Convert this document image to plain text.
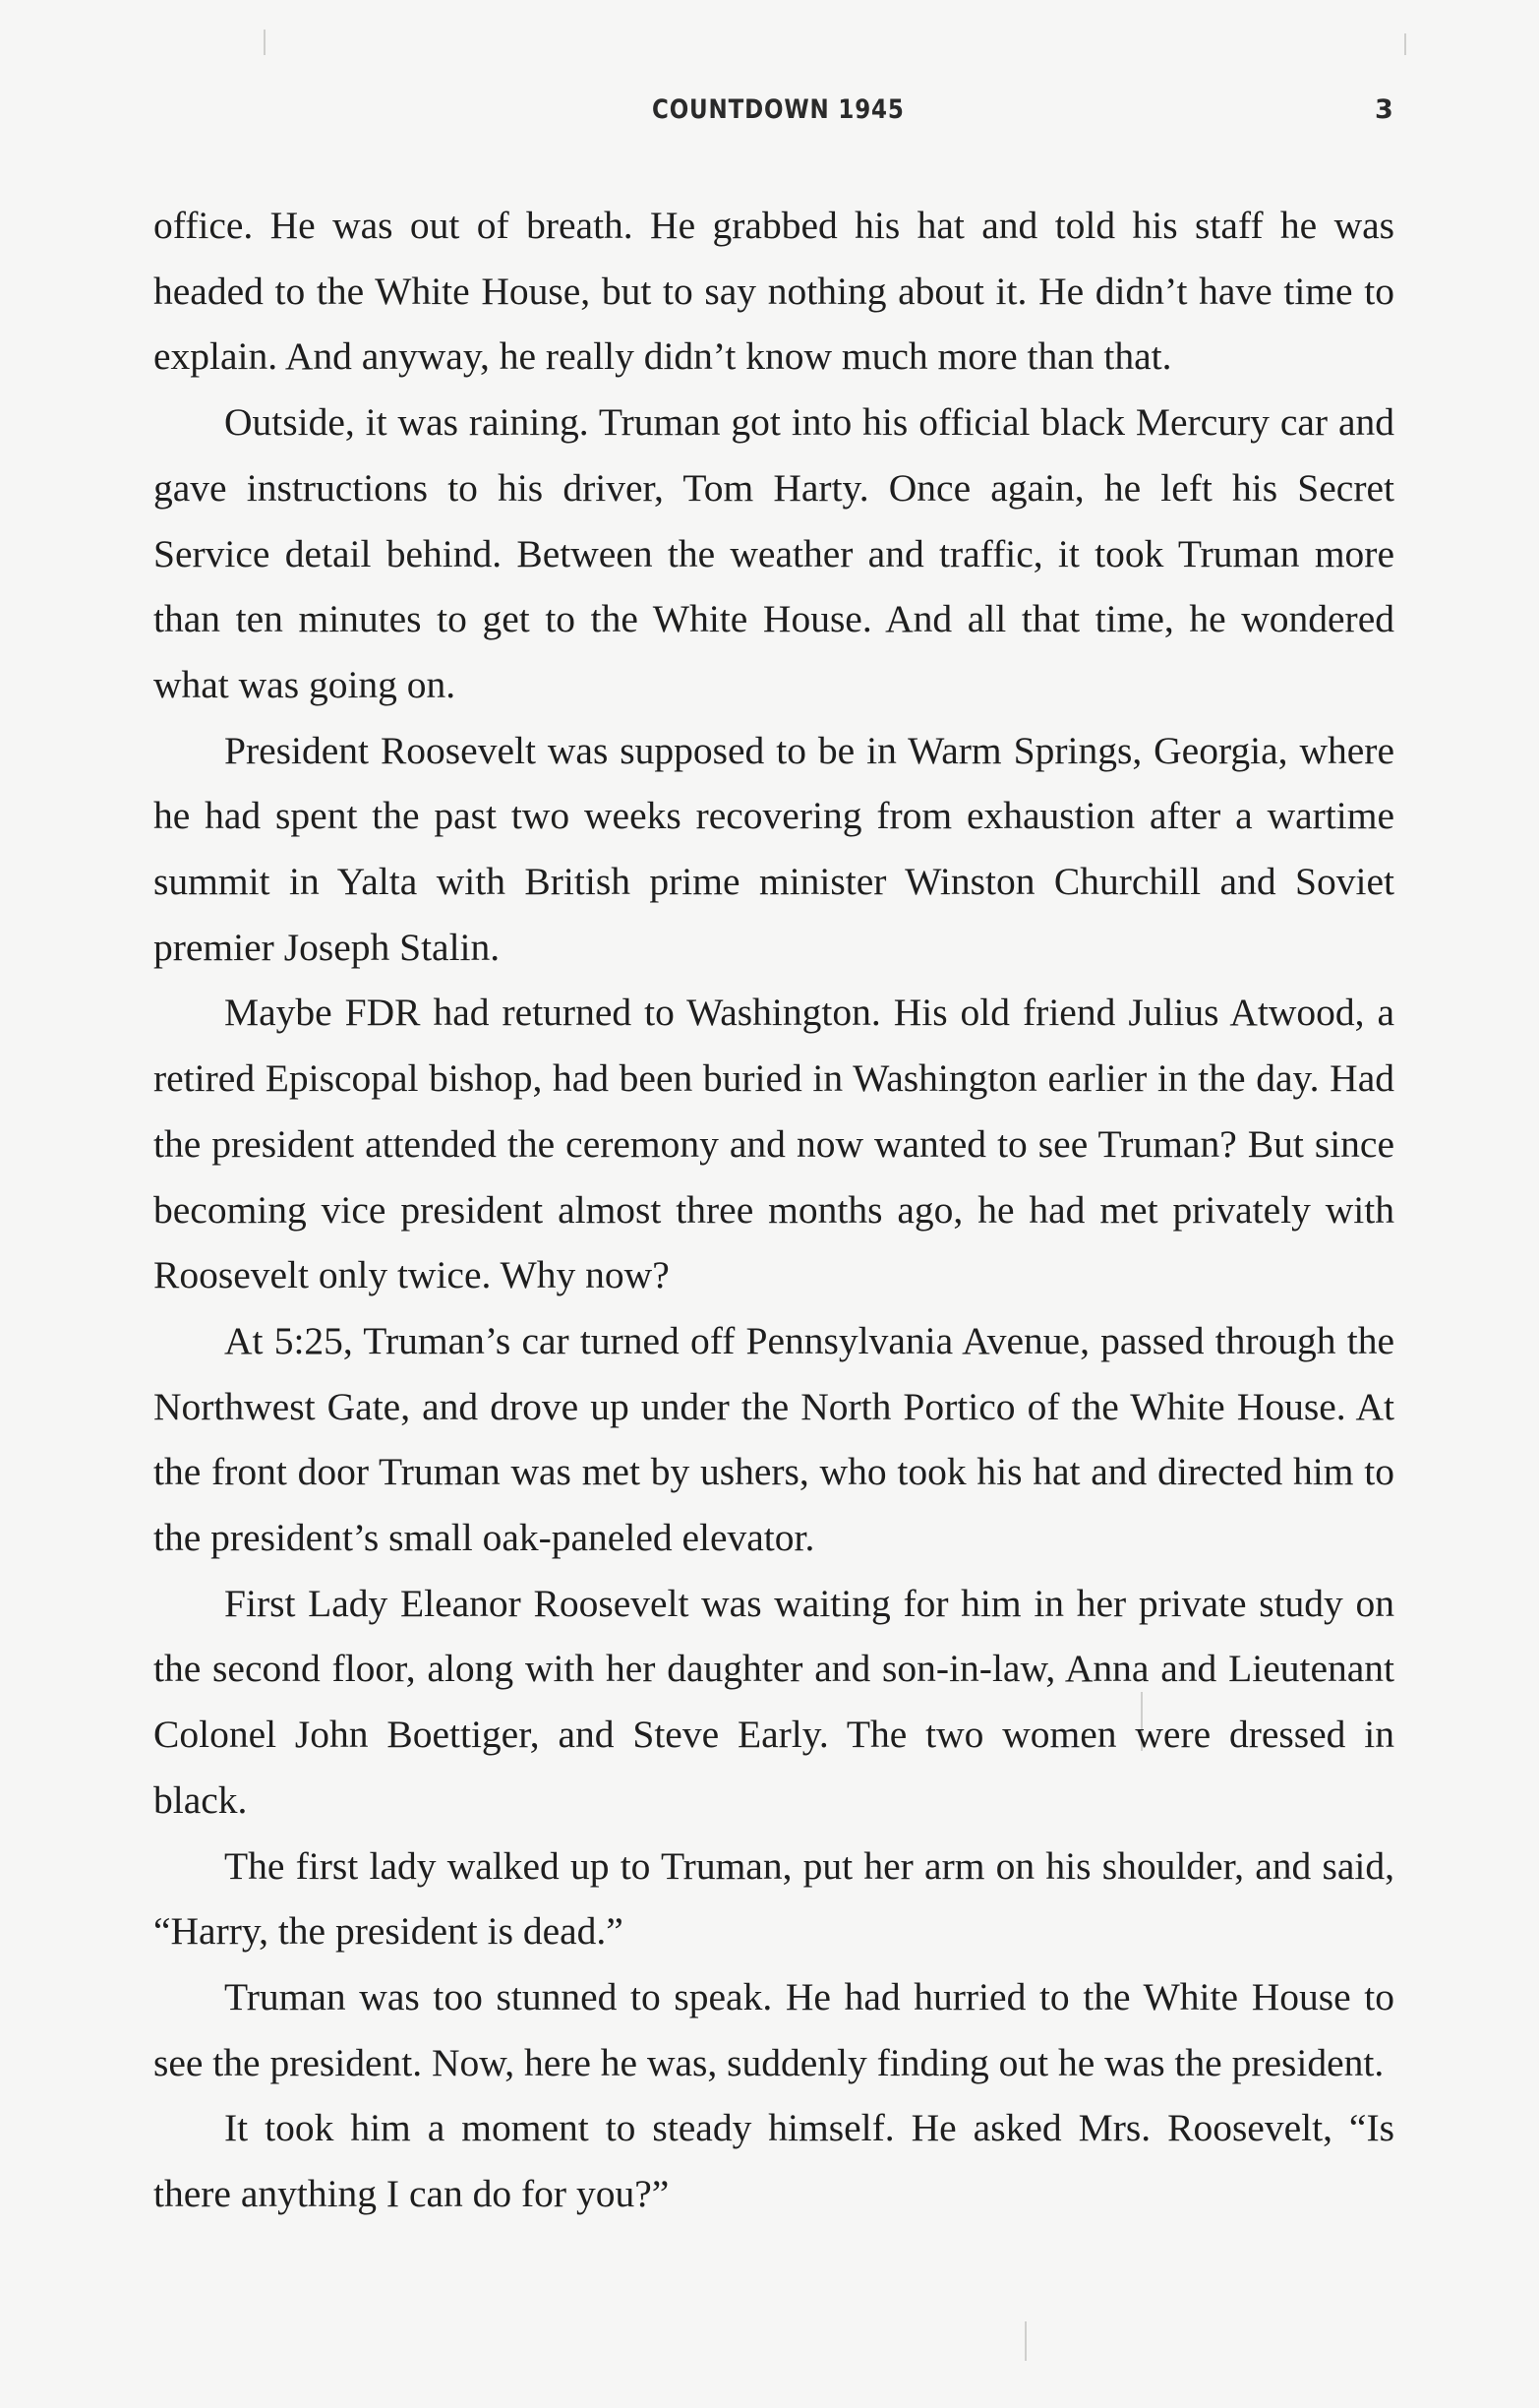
COUNTDOWN 1945	3

office. He was out of breath. He grabbed his hat and told his staff he was headed to the White House, but to say nothing about it. He didn’t have time to explain. And anyway, he really didn’t know much more than that.

Outside, it was raining. Truman got into his official black Mercury car and gave instructions to his driver, Tom Harty. Once again, he left his Secret Service detail behind. Between the weather and traffic, it took Truman more than ten minutes to get to the White House. And all that time, he wondered what was going on.

President Roosevelt was supposed to be in Warm Springs, Georgia, where he had spent the past two weeks recovering from exhaustion after a wartime summit in Yalta with British prime minister Winston Churchill and Soviet premier Joseph Stalin.

Maybe FDR had returned to Washington. His old friend Julius Atwood, a retired Episcopal bishop, had been buried in Washington earlier in the day. Had the president attended the ceremony and now wanted to see Truman? But since becoming vice president almost three months ago, he had met privately with Roosevelt only twice. Why now?

At 5:25, Truman’s car turned off Pennsylvania Avenue, passed through the Northwest Gate, and drove up under the North Portico of the White House. At the front door Truman was met by ushers, who took his hat and directed him to the president’s small oak-paneled elevator.

First Lady Eleanor Roosevelt was waiting for him in her private study on the second floor, along with her daughter and son-in-law, Anna and Lieutenant Colonel John Boettiger, and Steve Early. The two women were dressed in black.

The first lady walked up to Truman, put her arm on his shoulder, and said, “Harry, the president is dead.”

Truman was too stunned to speak. He had hurried to the White House to see the president. Now, here he was, suddenly finding out he was the president.

It took him a moment to steady himself. He asked Mrs. Roosevelt, “Is there anything I can do for you?”
